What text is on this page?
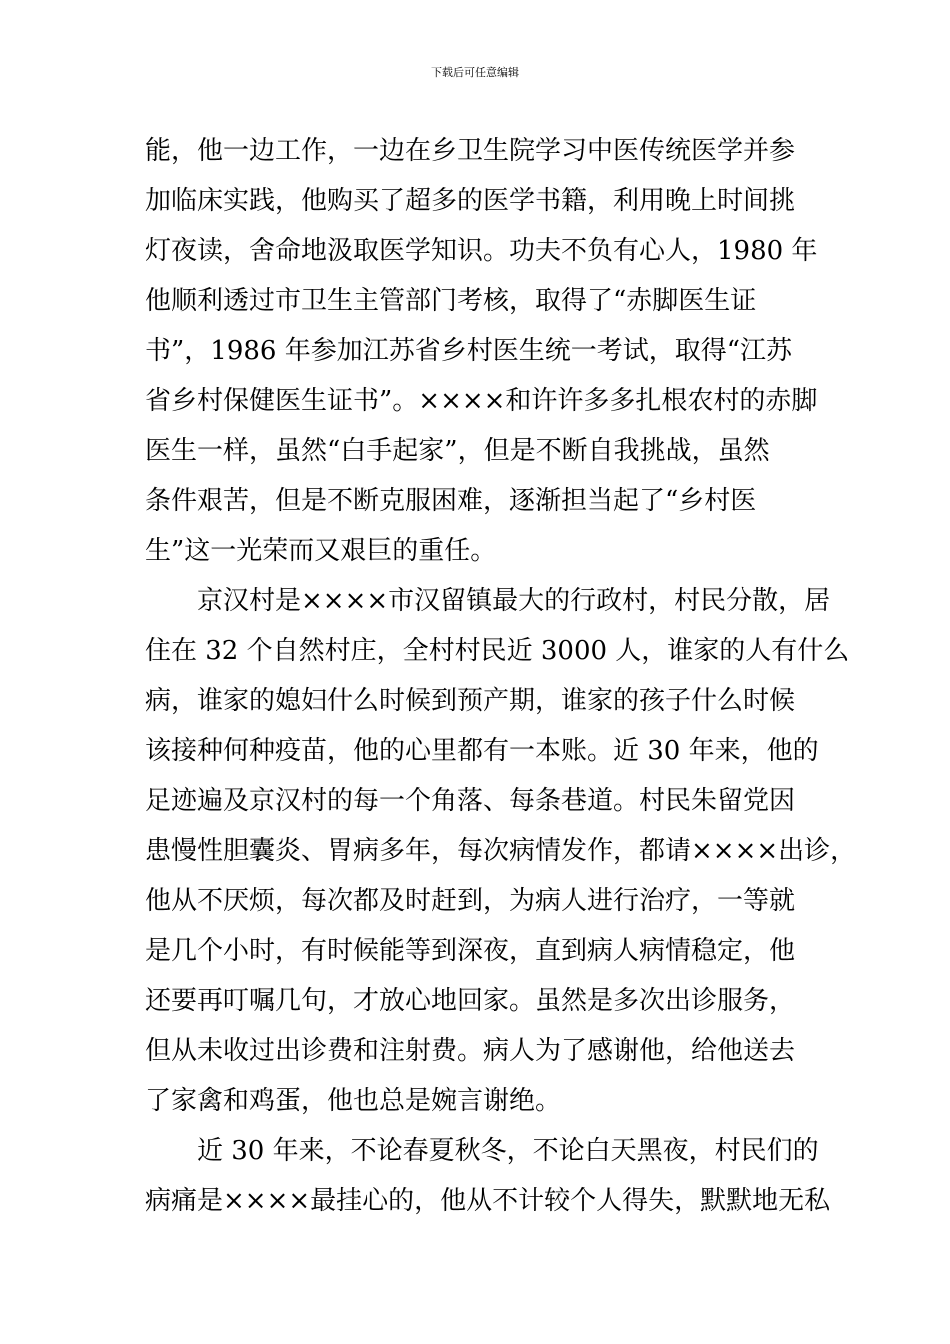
下载后可任意编辑
能，他一边工作，一边在乡卫生院学习中医传统医学并参
加临床实践，他购买了超多的医学书籍，利用晚上时间挑
灯夜读，舍命地汲取医学知识。功夫不负有心人，1980 年
他顺利透过市卫生主管部门考核，取得了“赤脚医生证
书”，1986 年参加江苏省乡村医生统一考试，取得“江苏
省乡村保健医生证书”。××××和许许多多扎根农村的赤脚
医生一样，虽然“白手起家”，但是不断自我挑战，虽然
条件艰苦，但是不断克服困难，逐渐担当起了“乡村医
生”这一光荣而又艰巨的重任。
京汉村是××××市汉留镇最大的行政村，村民分散，居
住在 32 个自然村庄，全村村民近 3000 人，谁家的人有什么
病，谁家的媳妇什么时候到预产期，谁家的孩子什么时候
该接种何种疫苗，他的心里都有一本账。近 30 年来，他的
足迹遍及京汉村的每一个角落、每条巷道。村民朱留党因
患慢性胆囊炎、胃病多年，每次病情发作，都请××××出诊，
他从不厌烦，每次都及时赶到，为病人进行治疗，一等就
是几个小时，有时候能等到深夜，直到病人病情稳定，他
还要再叮嘱几句，才放心地回家。虽然是多次出诊服务，
但从未收过出诊费和注射费。病人为了感谢他，给他送去
了家禽和鸡蛋，他也总是婉言谢绝。
近 30 年来，不论春夏秋冬，不论白天黑夜，村民们的
病痛是××××最挂心的，他从不计较个人得失，默默地无私
